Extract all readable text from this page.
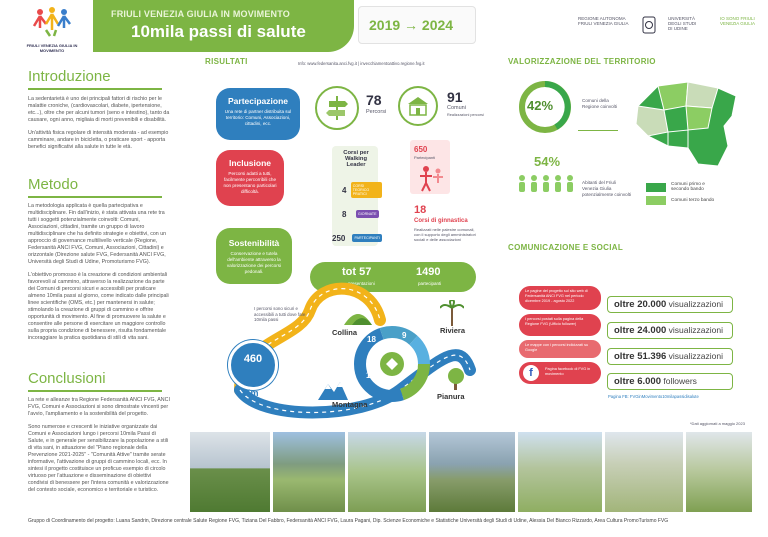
FRIULI VENEZIA GIULIA IN MOVIMENTO
FRIULI VENEZIA GIULIA IN MOVIMENTO
10mila passi di salute	2019 → 2024	REGIONE AUTONOMA FRIULI VENEZIA GIULIA
UNIVERSITÀ DEGLI STUDI DI UDINE
IO SONO FRIULI VENEZIA GIULIA
Introduzione

La sedentarietà è uno dei principali fattori di rischio per le malattie croniche, (cardiovascolari, diabete, ipertensione, etc...), oltre che per alcuni tumori (seno e intestino), tanto da causare, ogni anno, migliaia di morti prevenibili e disabilità.

Un'attività fisica regolare di intensità moderata - ad esempio camminare, andare in bicicletta, o praticare sport - apporta benefici significativi alla salute in tutte le età.

Metodo

La metodologia applicata è quella partecipativa e multidisciplinare. Fin dall'inizio, è stata attivata una rete tra tutti i soggetti potenzialmente coinvolti: Comuni, Associazioni, cittadini, tramite un gruppo di lavoro multidisciplinare che ha definito strategie e obiettivi, con un approccio di governance multilivello verticale (Regione, Federsanità ANCI FVG, Comuni, Associazioni, Cittadini) e orizzontale (Direzione salute FVG, Federsanità ANCI FVG, Università degli Studi di Udine, Promoturismo FVG).

L'obiettivo promosso è la creazione di condizioni ambientali favorevoli al cammino, attraverso la realizzazione da parte dei Comuni di percorsi sicuri e accessibili per praticare almeno 10mila passi al giorno, come indicato dalle principali linee scientifiche (OMS, etc.) per mantenersi in salute; stimolando la creazione di gruppi di cammino e offrire opportunità di movimento. Al fine di promuovere la salute e consentire alle persone di esercitare un maggiore controllo sulla propria condizione di benessere, risulta fondamentale incoraggiare la pratica quotidiana di stili di vita sani.

Conclusioni

La rete e alleanze tra Regione Federsanità ANCI FVG, ANCI FVG, Comuni e Associazioni si sono dimostrate vincenti per l'avvio, l'ampliamento e la sostenibilità del progetto.

Sono numerose e crescenti le iniziative organizzate dai Comuni e Associazioni lungo i percorsi 10mila Passi di Salute, e in generale per sensibilizzare la popolazione a stili di vita sani, in attuazione del "Piano regionale della Prevenzione 2021-2025" - "Comunità Attive" tramite serate informative, l'attivazione di gruppi di cammino locali, ecc. In sintesi il progetto costituisce un proficuo esempio di circolo virtuoso per l'attuazione e disseminazione di obiettivi condivisi di benessere per l'intera comunità e valorizzazione del contesto sociale, economico e territoriale e turistico.

RISULTATI	Info: www.federsanita.anci.fvg.it | invecchiamentoattivo.regione.fvg.it
Partecipazione
Una rete di partner distribuita sul territorio: Comuni, Associazioni, cittadini, ecc.
Inclusione
Percorsi adatti a tutti, facilmente percorribili che non presentano particolari difficoltà.
Sostenibilità
Conservazione e tutela dell'ambiente attraverso la valorizzazione dei percorsi pedonali.
78
Percorsi
91
Comuni
Realizzazioni percorsi
Corsi per Walking Leader
4	CORSI TEORICO PRATICI
8	GIORNATE
250	PARTECIPANTI
650
Partecipanti
18
Corsi di ginnastica
Realizzati nelle palestre comunali, con il supporto degli amministratori sociali e delle associazioni
tot 57
presentazioni
1490
partecipanti
I percorsi sono sicuri e accessibili a tutti dove fare 10mila passi
460
TOT Km
18	9
16
48
Collina	Riviera
Montagna
Pianura
VALORIZZAZIONE DEL TERRITORIO
42%	Comuni della Regione coinvolti
54%
Abitanti del Friuli Venezia Giulia potenzialmente coinvolti
Comuni primo e secondo bando
Comuni terzo bando
COMUNICAZIONE E SOCIAL
Le pagine del progetto sul sito web di Federsanità ANCI FVG nel periodo dicembre 2019 - agosto 2022	oltre 20.000 visualizzazioni
I percorsi postati sulla pagina della Regione FVG (Ufficio follower)
oltre 24.000 visualizzazioni
Le mappe con i percorsi indicizzati su Google
oltre 51.396 visualizzazioni
f	Pagina facebook di FVG in movimento
oltre 6.000 followers
Pagina FB: FVGinMovimento10milapassidisalute
*Dati aggiornati a maggio 2023
Gruppo di Coordinamento del progetto: Luana Sandrin, Direzione centrale Salute Regione FVG, Tiziana Del Fabbro, Federsanità ANCI FVG, Laura Pagani, Dip. Scienze Economiche e Statistiche Università degli Studi di Udine, Alessia Del Bianco Rizzardo, Area Cultura PromoTurismo FVG
